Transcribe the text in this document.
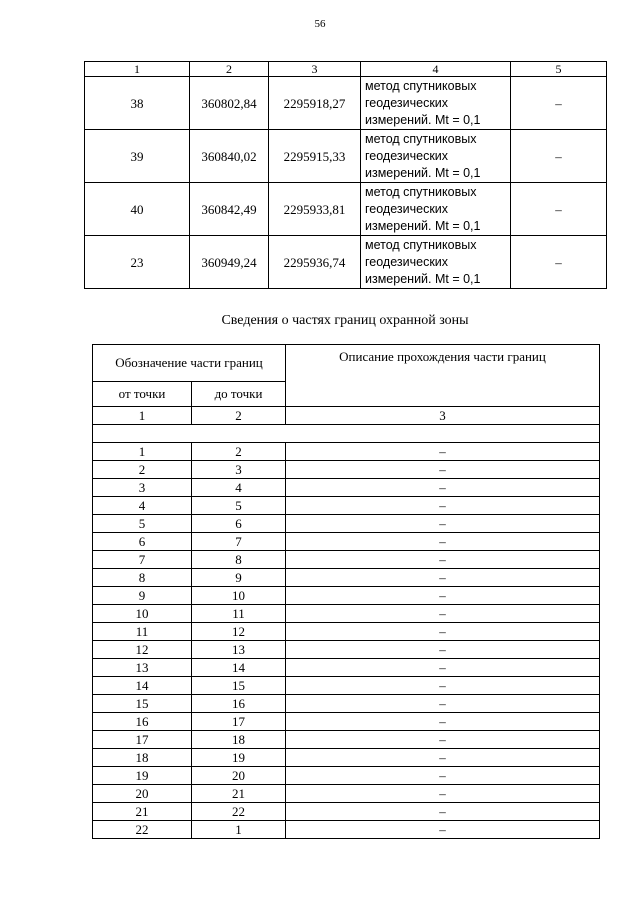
56
1	2	3	4	5
38	360802,84	2295918,27	метод спутниковых
геодезических
измерений. Mt = 0,1	–
39	360840,02	2295915,33	метод спутниковых
геодезических
измерений. Mt = 0,1	–
40	360842,49	2295933,81	метод спутниковых
геодезических
измерений. Mt = 0,1	–
23	360949,24	2295936,74	метод спутниковых
геодезических
измерений. Mt = 0,1	–
Сведения о частях границ охранной зоны
Обозначение части границ		Описание прохождения части границ
от точки	до точки	
1	2	3

1	2	–
2	3	–
3	4	–
4	5	–
5	6	–
6	7	–
7	8	–
8	9	–
9	10	–
10	11	–
11	12	–
12	13	–
13	14	–
14	15	–
15	16	–
16	17	–
17	18	–
18	19	–
19	20	–
20	21	–
21	22	–
22	1	–
